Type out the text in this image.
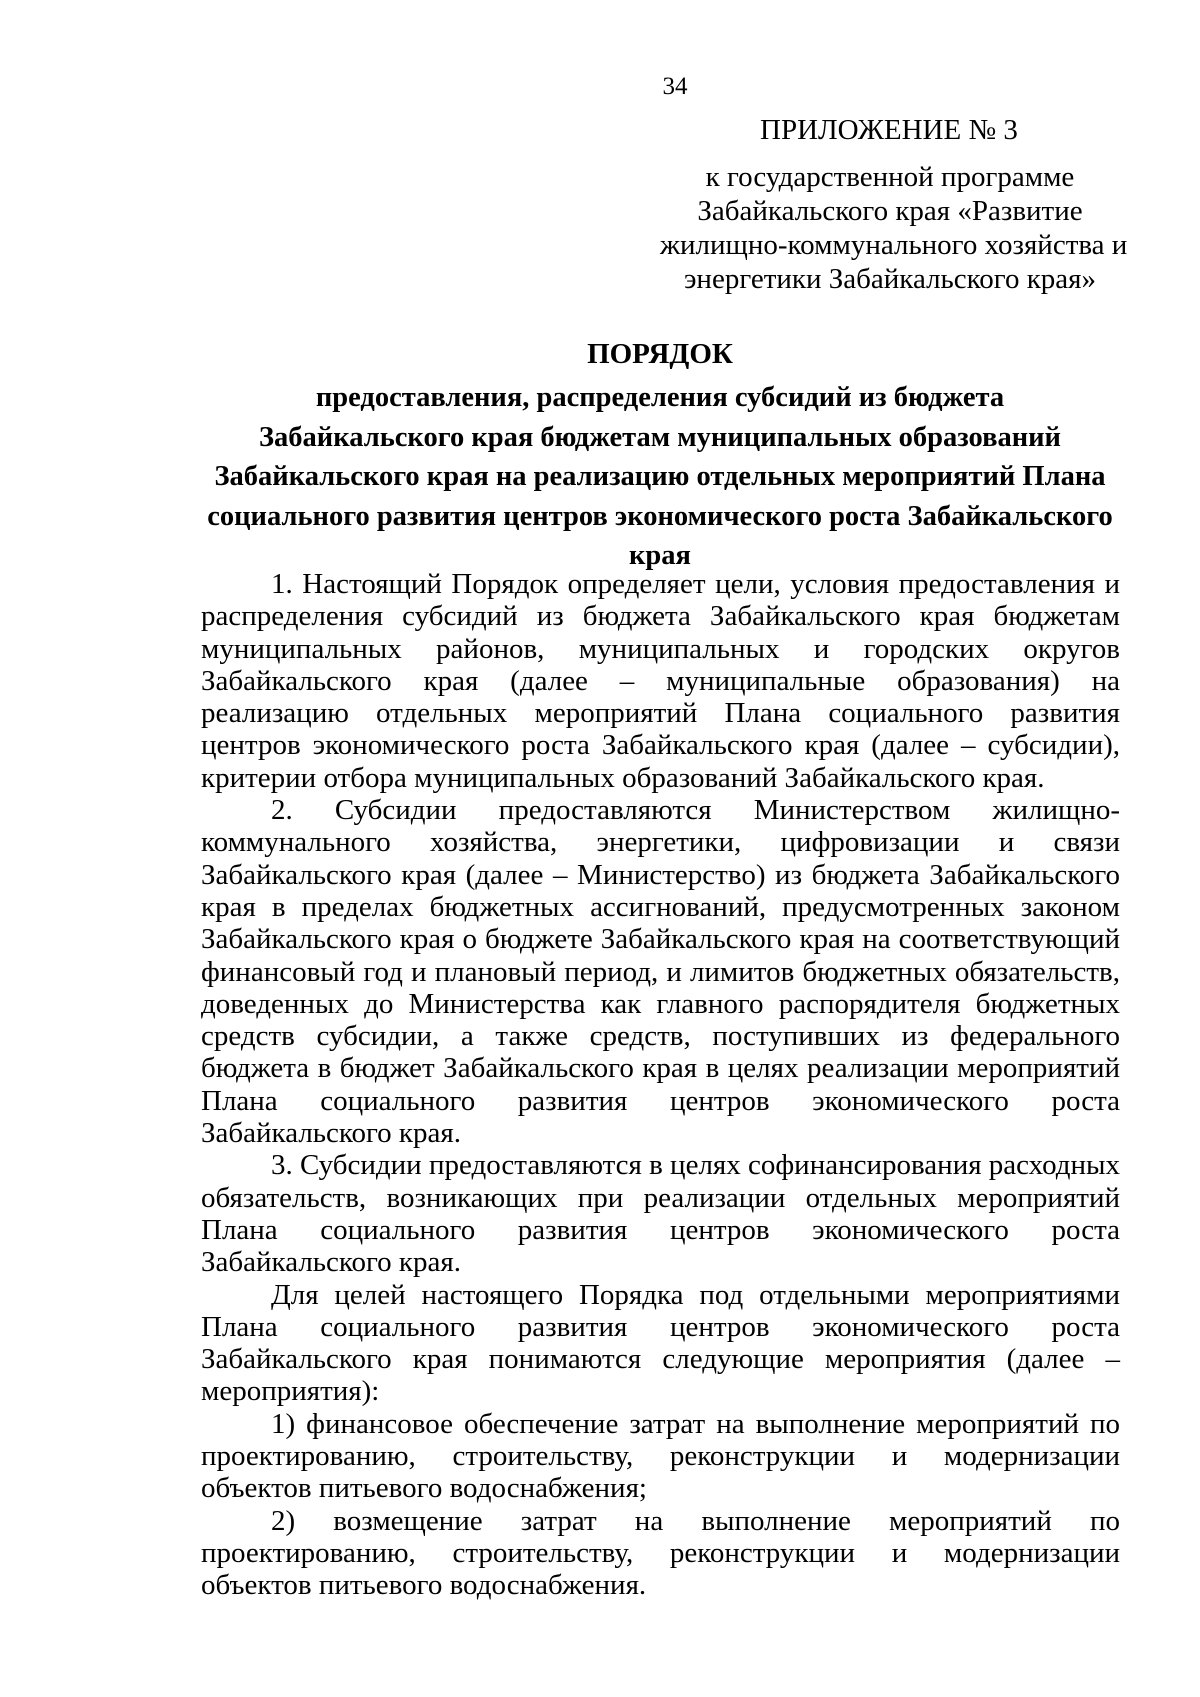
34
ПРИЛОЖЕНИЕ № 3
к государственной программе
Забайкальского края «Развитие
жилищно-коммунального хозяйства и
энергетики Забайкальского края»
ПОРЯДОК
предоставления, распределения субсидий из бюджета
Забайкальского края бюджетам муниципальных образований
Забайкальского края на реализацию отдельных мероприятий Плана
социального развития центров экономического роста Забайкальского
края

1. Настоящий Порядок определяет цели, условия предоставления и распределения субсидий из бюджета Забайкальского края бюджетам муниципальных районов, муниципальных и городских округов Забайкальского края (далее – муниципальные образования) на реализацию отдельных мероприятий Плана социального развития центров экономического роста Забайкальского края (далее – субсидии), критерии отбора муниципальных образований Забайкальского края.

2. Субсидии предоставляются Министерством жилищно-коммунального хозяйства, энергетики, цифровизации и связи Забайкальского края (далее – Министерство) из бюджета Забайкальского края в пределах бюджетных ассигнований, предусмотренных законом Забайкальского края о бюджете Забайкальского края на соответствующий финансовый год и плановый период, и лимитов бюджетных обязательств, доведенных до Министерства как главного распорядителя бюджетных средств субсидии, а также средств, поступивших из федерального бюджета в бюджет Забайкальского края в целях реализации мероприятий Плана социального развития центров экономического роста Забайкальского края.

3. Субсидии предоставляются в целях софинансирования расходных обязательств, возникающих при реализации отдельных мероприятий Плана социального развития центров экономического роста Забайкальского края.

Для целей настоящего Порядка под отдельными мероприятиями Плана социального развития центров экономического роста Забайкальского края понимаются следующие мероприятия (далее – мероприятия):

1) финансовое обеспечение затрат на выполнение мероприятий по проектированию, строительству, реконструкции и модернизации объектов питьевого водоснабжения;

2) возмещение затрат на выполнение мероприятий по проектированию, строительству, реконструкции и модернизации объектов питьевого водоснабжения.
